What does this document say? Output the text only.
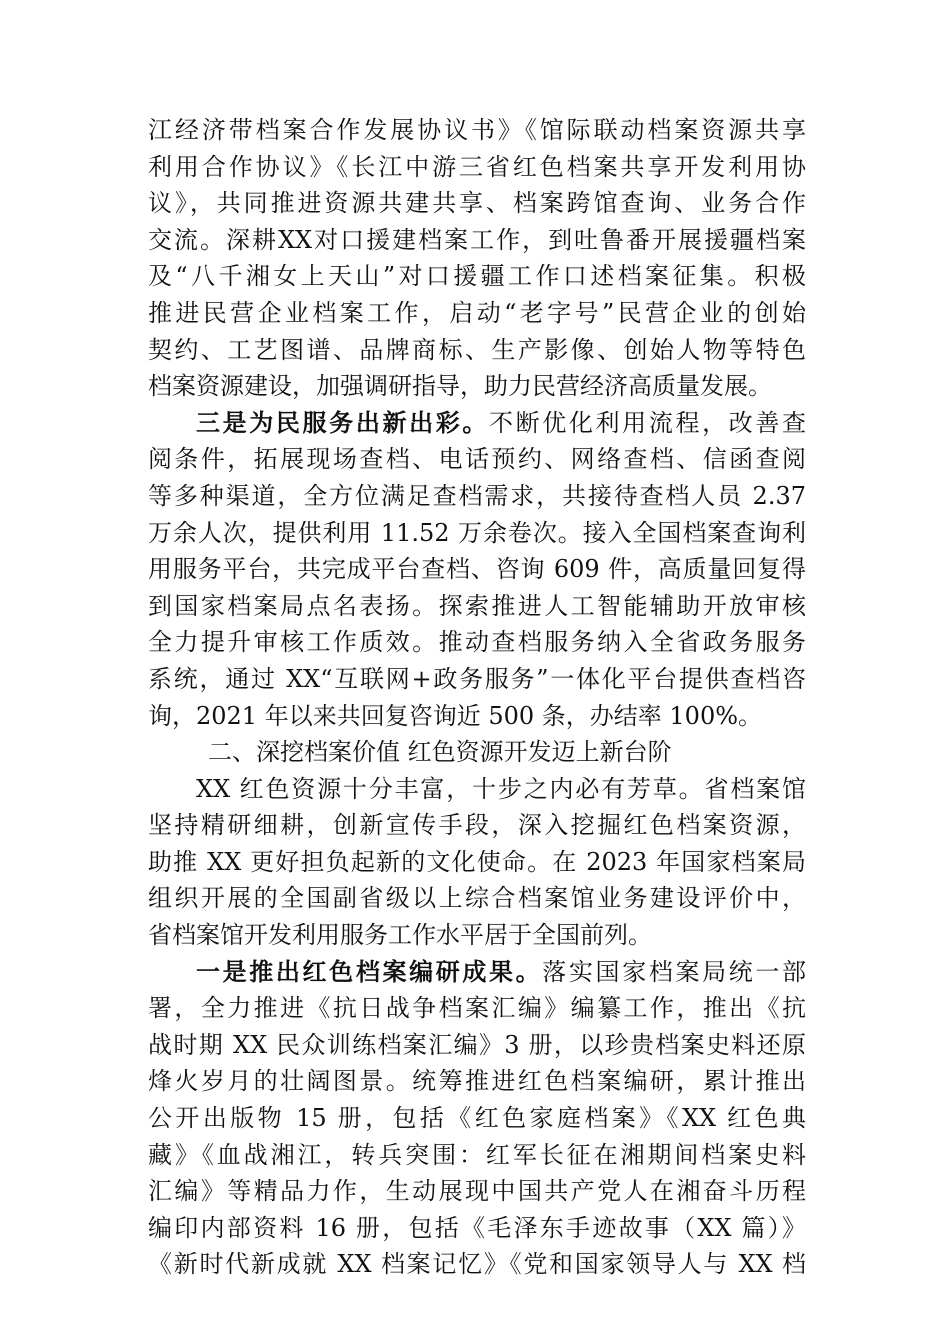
江经济带档案合作发展协议书》《馆际联动档案资源共享
利用合作协议》《长江中游三省红色档案共享开发利用协
议》，共同推进资源共建共享、档案跨馆查询、业务合作
交流。深耕XX对口援建档案工作，到吐鲁番开展援疆档案
及“八千湘女上天山”对口援疆工作口述档案征集。积极
推进民营企业档案工作，启动“老字号”民营企业的创始
契约、工艺图谱、品牌商标、生产影像、创始人物等特色
档案资源建设，加强调研指导，助力民营经济高质量发展。
三是为民服务出新出彩。不断优化利用流程，改善查
阅条件，拓展现场查档、电话预约、网络查档、信函查阅
等多种渠道，全方位满足查档需求，共接待查档人员 2.37
万余人次，提供利用 11.52 万余卷次。接入全国档案查询利
用服务平台，共完成平台查档、咨询 609 件，高质量回复得
到国家档案局点名表扬。探索推进人工智能辅助开放审核
全力提升审核工作质效。推动查档服务纳入全省政务服务
系统，通过 XX“互联网+政务服务”一体化平台提供查档咨
询，2021 年以来共回复咨询近 500 条，办结率 100%。
二、深挖档案价值 红色资源开发迈上新台阶
XX 红色资源十分丰富，十步之内必有芳草。省档案馆
坚持精研细耕，创新宣传手段，深入挖掘红色档案资源，
助推 XX 更好担负起新的文化使命。在 2023 年国家档案局
组织开展的全国副省级以上综合档案馆业务建设评价中，
省档案馆开发利用服务工作水平居于全国前列。
一是推出红色档案编研成果。落实国家档案局统一部
署，全力推进《抗日战争档案汇编》编纂工作，推出《抗
战时期 XX 民众训练档案汇编》3 册，以珍贵档案史料还原
烽火岁月的壮阔图景。统筹推进红色档案编研，累计推出
公开出版物 15 册，包括《红色家庭档案》《XX 红色典
藏》《血战湘江，转兵突围：红军长征在湘期间档案史料
汇编》等精品力作，生动展现中国共产党人在湘奋斗历程
编印内部资料 16 册，包括《毛泽东手迹故事（XX 篇）》
《新时代新成就 XX 档案记忆》《党和国家领导人与 XX 档
